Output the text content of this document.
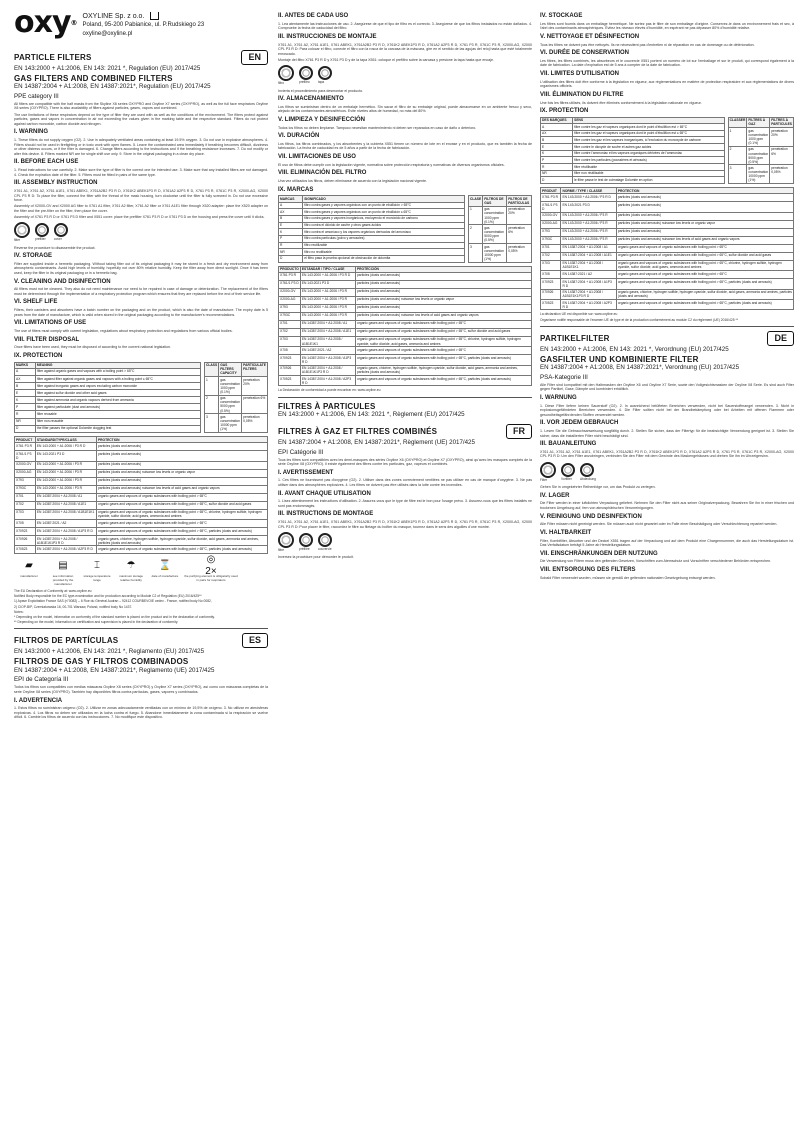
oxy®
OXYLINE Sp. z o.o.
Poland, 95-200 Pabianice, ul. P.Rudskiego 23
oxyline@oxyline.pl
PARTICLE FILTERS	EN
EN 143:2000 + A1:2006, EN 143: 2021 *, Regulation (EU) 2017/425
GAS FILTERS AND COMBINED FILTERS
EN 14387:2004 + A1:2008, EN 14387:2021*, Regulation (EU) 2017/425
PPE category III
All filters are compatible with the half masks from the Skyline X6 series OXYPRO and Oxyline X7 series (OXYPRO), as well as the full face respirators Oxyline X8 series (OXYPRO). There is also availability of filters against particles, gases, vapors and combined.
The use limitations of these respirators depend on the type of filter they are used with as well as the conditions of the environment. The filters protect against particles, gases and vapors in concentration in air not exceeding the values given in the marking table and the respective standard. Filters do not protect against carbon monoxide, carbon dioxide and nitrogen.
I. WARNING
1. These filters do not supply oxygen (O2). 2. Use in adequately ventilated areas containing at least 19.5% oxygen. 3. Do not use in explosive atmospheres. 4. Filters should not be used in firefighting or in toxic work with open flames. 5. Leave the contaminated area immediately if breathing becomes difficult, dizziness or other distress occurs, or if the filter is damaged. 6. Change filters according to the instructions and if the breathing resistance increases. 7. Do not modify or alter this device. 8. Filters marked NR are for single shift use only. 9. Store in the original packaging in a clean dry place.
II. BEFORE EACH USE
1. Read instructions for use carefully. 2. Make sure the type of filter is the correct one for intended use. 3. Make sure that any installed filters are not damaged. 4. Check the expiration date of the filter. 5. Filters must be fitted in pairs of the same type.
III. ASSEMBLY INSTRUCTION
X761 A1, X761 A2, X761 A1E1, X761 ABEK1, X761A2B2 P3 R D, X761K2 ABEK1P3 R D, X761A2 A2P3 R D, X761 P3 R, X761C P3 R, X2000-AG, X2000 CPL P3 R D: To place the filter, connect the filter with the thread of the mask housing, turn clockwise until the filter is fully screwed in. Do not use excessive force.
Assembly of X2000-GV and X2000 AG filter to X761 A1 filter, X761 A2 filter, X761 A2 filter or X761 A1E1 filter through X520 adapter: place the X520 adapter on the filter and the pre-filter on the filter, then place the cover.
Assembly of X761 P3 R D or X761 P3 D filter and X551 cover: place the prefilter X761 P3 R D or X761 P3 D on the housing and press the cover until it clicks.
filter	prefilter	cover
Reverse the procedure to disassemble the product.
IV. STORAGE
Filter are supplied inside a hermetic packaging. Without taking filter out of its original packaging it may be stored in a fresh and dry environment away from atmospheric contaminants. Avoid high levels of humidity, hopefully not over 80% relative humidity. Keep the filter away from direct sunlight. Once it has been used, keep the filter in its original packaging or in a hermetic bag.
V. CLEANING AND DISINFECTION
All filters must not be cleaned. They also do not need maintenance nor need to be repaired in case of damage or deterioration. The replacement of the filters must be determined through the implementation of a respiratory protection program which ensures that they are replaced before the end of their service life.
VI. SHELF LIFE
Filters, their canisters and absorbers have a batch number on the packaging and on the product, which is also the date of manufacture. The expiry date is 5 years from the date of manufacture, which is valid when stored in the original packaging according to the manufacturer's recommendations.
VII. LIMITATIONS OF USE
The use of filters must comply with current legislation, regulations about respiratory protection and regulations from various official bodies.
VIII. FILTER DISPOSAL
Once filters have been used, they must be disposed of according to the current national legislation.
IX. PROTECTION
MARKS	MEANING
A	filter against organic gases and vapours with a boiling point > 65°C
AX	filter against filter against organic gases and vapours with a boiling point ≤ 65°C
B	filter against inorganic gases and vapors excluding carbon monoxide
E	filter against sulfur dioxide and other acid gases
K	filter against ammonia and organic vapours derived from ammonia
P	filter against particulate (dust and aerosols)
R	filter reusable
NR	filter non-reusable
D	the filter passes the optional Dolomite clogging test
CLASS	GAS FILTERS CAPACITY	PARTICULATE FILTERS
1	gas concentration 1000 ppm (0.1%)	penetration 20%
2	gas concentration 5000 ppm (0.5%)	penetration 6%
3	gas concentration 10000 ppm (1%)	penetration 0,05%
PRODUCT	STANDARD/TYPE/CLASS	PROTECTION
X761 P3 R	EN 143:2000 + A1:2006 / P3 R D	particles (dusts and aerosols)
X761/1 P3 D	EN 143:2021 P3 D	particles (dusts and aerosols)
X2000-GV	EN 143:2000 + A1:2006 / P3 R	particles (dusts and aerosols)
X2000-AG	EN 143:2000 + A1:2006 / P3 R	particles (dusts and aerosols) nuisance low levels or organic vapor
X793	EN 143:2000 + A1:2006 / P3 R	particles (dusts and aerosols)
X793C	EN 143:2000 + A1:2006 / P3 R	particles (dusts and aerosols) nuisance low levels of acid gases and organic vapors
X701	EN 14387:2004 + A1:2008 / A1	organic gases and vapours of organic substances with boiling point > 65°C
X702	EN 14387:2004 + A1:2008 / A1E1	organic gases and vapours of organic substances with boiling point > 65°C, sulfur dioxide and acid gases
X703	EN 14387:2004 + A1:2008 / A1B1E1K1	organic gases and vapours of organic substances with boiling point > 65°C, chlorine, hydrogen sulfide, hydrogen cyanide, sulfur dioxide, acid gases, ammonia and amines
X705	EN 14387:2021 / A2	organic gases and vapours of organic substances with boiling point > 65°C
X70923	EN 14387:2004 + A1:2008 / A1P3 R D	organic gases and vapours of organic substances with boiling point > 65°C, particles (dusts and aerosols)
X70926	EN 14387:2004 + A1:2008 / A1B1E1K1P3 R D	organic gases, chlorine, hydrogen sulfide, hydrogen cyanide, sulfur dioxide, acid gases, ammonia and amines, particles (dusts and aerosols)
X70523	EN 14387:2004 + A1:2008 / A2P3 R D	organic gases and vapours of organic substances with boiling point > 65°C, particles (dusts and aerosols)
▰
manufacturer
▤
see information provided by the manufacturer
⌶
storage temperature range
☂
maximum storage relative humidity
⌛
date of manufacture
◎ 2×
the purifying element is obligatorily used in pairs for respirators
The EU Declaration of Conformity at: www.oxyline.eu
Notified Body responsible for the EC type-examination and for production according to Module C2 of Regulation (EU) 2016/425**
1) Apave Exploitation France SAS (n°0082) – 6 Rue du Général Audran – 92412 COURBEVOIE cedex - France, notified body No 0082,
2) CIOP-BIP, Czerniakowska 16, 00-701 Warsaw, Poland, notified body No 1437.
Notes:
* Depending on the model, information on conformity of the standard number is placed on the product and in the declaration of conformity.
** Depending on the model, information on certification and supervision is placed in the declaration of conformity.
FILTROS DE PARTÍCULAS	ES
EN 143:2000 + A1:2006, EN 143: 2021 *, Reglamento (EU) 2017/425
FILTROS DE GAS Y FILTROS COMBINADOS
EN 14387:2004 + A1:2008, EN 14387:2021*, Reglamento (UE) 2017/425
EPI de Categoría III
Todos los filtros son compatibles con medias máscaras Oxyline X6 series (OXYPRO) y Oxyline X7 series (OXYPRO), así como con máscaras completas de la serie Oxyline X8 series (OXYPRO). También hay disponibles filtros contra partículas, gases, vapores y combinados.
I. ADVERTENCIA
1. Estos filtros no suministran oxígeno (O2). 2. Utilizar en zonas adecuadamente ventiladas con un mínimo de 19,5% de oxígeno. 3. No utilizar en atmósferas explosivas. 4. Los filtros no deben ser utilizados en la lucha contra el fuego. 5. Abandone inmediatamente la zona contaminada si la respiración se vuelve difícil. 6. Cambie los filtros de acuerdo con las instrucciones. 7. No modifique este dispositivo.
II. ANTES DE CADA USO
1. Lea atentamente las instrucciones de uso. 2. Asegúrese de que el tipo de filtro es el correcto. 3. Asegúrese de que los filtros instalados no están dañados. 4. Compruebe la fecha de caducidad del filtro.
III. INSTRUCCIONES DE MONTAJE
X761 A1, X761 A2, X761 A1E1, X761 ABEK1, X761A2B2 P3 R D, X761K2 ABEK1P3 R D, X761A2 A2P3 R D, X761 P3 R, X761C P3 R, X2000-AG, X2000 CPL P3 R D: Para colocar el filtro, conecte el filtro con la rosca de la carcasa de la máscara, gire en el sentido de las agujas del reloj hasta que esté totalmente enroscado.
Montaje del filtro X761 P3 R D y X761 P3 D y de la tapa X551: coloque el prefiltro sobre la carcasa y presione la tapa hasta que encaje.
filtro	prefiltro	tapa
Invierta el procedimiento para desmontar el producto.
IV. ALMACENAMIENTO
Los filtros se suministran dentro de un embalaje hermético. Sin sacar el filtro de su embalaje original, puede almacenarse en un ambiente fresco y seco, alejado de los contaminantes atmosféricos. Evite niveles altos de humedad, no más del 80%.
V. LIMPIEZA Y DESINFECCIÓN
Todos los filtros no deben limpiarse. Tampoco necesitan mantenimiento ni deben ser reparados en caso de daño o deterioro.
VI. DURACIÓN
Los filtros, los filtros combinados, y los absorbentes y la cubierta X551 tienen un número de lote en el envase y en el producto, que es también la fecha de fabricación. La fecha de caducidad es de 5 años a partir de la fecha de fabricación.
VII. LIMITACIONES DE USO
El uso de filtros debe cumplir con la legislación vigente, normativa sobre protección respiratoria y normativas de diversos organismos oficiales.
VIII. ELIMINACIÓN DEL FILTRO
Una vez utilizados los filtros, deben eliminarse de acuerdo con la legislación nacional vigente.
IX. MARCAS
MARCAS	SIGNIFICADO
A	filtro contra gases y vapores orgánicos con un punto de ebullición > 65°C
AX	filtro contra gases y vapores orgánicos con un punto de ebullición ≤ 65°C
B	filtro contra gases y vapores inorgánicos, excluyendo el monóxido de carbono
E	filtro contra el dióxido de azufre y otros gases ácidos
K	filtro contra el amoníaco y los vapores orgánicos derivados del amoníaco
P	filtro contra partículas (polvo y aerosoles)
R	filtro reutilizable
NR	filtro no reutilizable
D	el filtro pasa la prueba opcional de obstrucción de dolomita
CLASE	FILTROS DE GAS	FILTROS DE PARTÍCULAS
1	gas concentration 1000 ppm (0.1%)	penetration 20%
2	gas concentration 5000 ppm (0.5%)	penetration 6%
3	gas concentration 10000 ppm (1%)	penetration 0,05%
PRODUCTO	ESTÁNDAR / TIPO / CLASE	PROTECCIÓN
X761 P3 R	EN 143:2000 + A1:2006 / P3 R D	particles (dusts and aerosols)
X761/1 P3 D	EN 143:2021 P3 D	particles (dusts and aerosols)
X2000-GV	EN 143:2000 + A1:2006 / P3 R	particles (dusts and aerosols)
X2000-AG	EN 143:2000 + A1:2006 / P3 R	particles (dusts and aerosols) nuisance low levels or organic vapor
X793	EN 143:2000 + A1:2006 / P3 R	particles (dusts and aerosols)
X793C	EN 143:2000 + A1:2006 / P3 R	particles (dusts and aerosols) nuisance low levels of acid gases and organic vapors
X701	EN 14387:2004 + A1:2008 / A1	organic gases and vapours of organic substances with boiling point > 65°C
X702	EN 14387:2004 + A1:2008 / A1E1	organic gases and vapours of organic substances with boiling point > 65°C, sulfur dioxide and acid gases
X703	EN 14387:2004 + A1:2008 / A1B1E1K1	organic gases and vapours of organic substances with boiling point > 65°C, chlorine, hydrogen sulfide, hydrogen cyanide, sulfur dioxide, acid gases, ammonia and amines
X705	EN 14387:2021 / A2	organic gases and vapours of organic substances with boiling point > 65°C
X70923	EN 14387:2004 + A1:2008 / A1P3 R D	organic gases and vapours of organic substances with boiling point > 65°C, particles (dusts and aerosols)
X70926	EN 14387:2004 + A1:2008 / A1B1E1K1P3 R D	organic gases, chlorine, hydrogen sulfide, hydrogen cyanide, sulfur dioxide, acid gases, ammonia and amines, particles (dusts and aerosols)
X70523	EN 14387:2004 + A1:2008 / A2P3 R D	organic gases and vapours of organic substances with boiling point > 65°C, particles (dusts and aerosols)
La Declaración de conformidad a puede encontrar en: www.oxyline.eu
FILTRES À PARTICULES
EN 143:2000 + A1:2006, EN 143: 2021 *, Règlement (EU) 2017/425
FILTRES À GAZ ET FILTRES COMBINÉS	FR
EN 14387:2004 + A1:2008, EN 14387:2021*, Règlement (UE) 2017/425
EPI Catégorie III
Tous les filtres sont compatibles avec les demi-masques des séries Oxyline X6 (OXYPRO) et Oxyline X7 (OXYPRO), ainsi qu'avec les masques complets de la série Oxyline X8 (OXYPRO). Il existe également des filtres contre les particules, gaz, vapeurs et combinés.
I. AVERTISSEMENT
1. Ces filtres ne fournissent pas d'oxygène (O2). 2. Utiliser dans des zones correctement ventilées ne pas utiliser en cas de manque d'oxygène. 3. Ne pas utiliser dans des atmosphères explosives. 4. Les filtres ne doivent pas être utilisés dans la lutte contre les incendies.
II. AVANT CHAQUE UTILISATION
1. Lisez attentivement les instructions d'utilisation. 2. Assurez-vous que le type de filtre est le bon pour l'usage prévu. 3. Assurez-vous que les filtres installés ne sont pas endommagés.
III. INSTRUCTIONS DE MONTAGE
X761 A1, X761 A2, X761 A1E1, X761 ABEK1, X761A2B2 P3 R D, X761K2 ABEK1P3 R D, X761A2 A2P3 R D, X761 P3 R, X761C P3 R, X2000-AG, X2000 CPL P3 R D: Pour placer le filtre, raccordez le filtre au filetage du boîtier du masque, tournez dans le sens des aiguilles d'une montre.
filtre	préfiltre	couvercle
Inversez la procédure pour démonter le produit.
IV. STOCKAGE
Les filtres sont fournis dans un emballage hermétique. Ne sortez pas le filtre de son emballage d'origine. Conservez-le dans un environnement frais et sec, à l'abri des contaminants atmosphériques. Évitez les niveaux élevés d'humidité, en espérant ne pas dépasser 80% d'humidité relative.
V. NETTOYAGE ET DÉSINFECTION
Tous les filtres ne doivent pas être nettoyés. Ils ne nécessitent pas d'entretien ni de réparation en cas de dommage ou de détérioration.
VI. DURÉE DE CONSERVATION
Les filtres, les filtres combinés, les absorbeurs et le couvercle X551 portent un numéro de lot sur l'emballage et sur le produit, qui correspond également à la date de fabrication. La date d'expiration est de 5 ans à compter de la date de fabrication.
VII. LIMITES D'UTILISATION
L'utilisation des filtres doit être conforme à la législation en vigueur, aux réglementations en matière de protection respiratoire et aux réglementations de divers organismes officiels.
VIII. ÉLIMINATION DU FILTRE
Une fois les filtres utilisés, ils doivent être éliminés conformément à la législation nationale en vigueur.
IX. PROTECTION
DES MARQUES	SENS
A	filtre contre les gaz et vapeurs organiques dont le point d'ébullition est > 65°C
AX	filtre contre les gaz et vapeurs organiques dont le point d'ébullition est ≤ 65°C
B	filtre contre les gaz et les vapeurs inorganiques, à l'exclusion du monoxyde de carbone
E	filtre contre le dioxyde de soufre et autres gaz acides
K	filtre contre l'ammoniac et les vapeurs organiques dérivées de l'ammoniac
P	filtre contre les particules (poussières et aérosols)
R	filtre réutilisable
NR	filtre non réutilisable
D	le filtre passe le test de colmatage Dolomite en option
CLASSER	FILTRES À GAZ	FILTRES À PARTICULES
1	gas concentration 1000 ppm (0.1%)	penetration 20%
2	gas concentration 5000 ppm (0.5%)	penetration 6%
3	gas concentration 10000 ppm (1%)	penetration 0,05%
PRODUIT	NORME / TYPE / CLASSE	PROTECTION
X761 P3 R	EN 143:2000 + A1:2006 / P3 R D	particles (dusts and aerosols)
X761/1 P3 D	EN 143:2021 P3 D	particles (dusts and aerosols)
X2000-GV	EN 143:2000 + A1:2006 / P3 R	particles (dusts and aerosols)
X2000-AG	EN 143:2000 + A1:2006 / P3 R	particles (dusts and aerosols) nuisance low levels or organic vapor
X793	EN 143:2000 + A1:2006 / P3 R	particles (dusts and aerosols)
X793C	EN 143:2000 + A1:2006 / P3 R	particles (dusts and aerosols) nuisance low levels of acid gases and organic vapors
X701	EN 14387:2004 + A1:2008 / A1	organic gases and vapours of organic substances with boiling point > 65°C
X702	EN 14387:2004 + A1:2008 / A1E1	organic gases and vapours of organic substances with boiling point > 65°C, sulfur dioxide and acid gases
X703	EN 14387:2004 + A1:2008 / A1B1E1K1	organic gases and vapours of organic substances with boiling point > 65°C, chlorine, hydrogen sulfide, hydrogen cyanide, sulfur dioxide, acid gases, ammonia and amines
X705	EN 14387:2021 / A2	organic gases and vapours of organic substances with boiling point > 65°C
X70923	EN 14387:2004 + A1:2008 / A1P3 R D	organic gases and vapours of organic substances with boiling point > 65°C, particles (dusts and aerosols)
X70926	EN 14387:2004 + A1:2008 / A1B1E1K1P3 R D	organic gases, chlorine, hydrogen sulfide, hydrogen cyanide, sulfur dioxide, acid gases, ammonia and amines, particles (dusts and aerosols)
X70523	EN 14387:2004 + A1:2008 / A2P3 R D	organic gases and vapours of organic substances with boiling point > 65°C, particles (dusts and aerosols)
La déclaration UE est disponible sur: www.oxyline.eu
Organisme notifié responsable de l'examen UE de type et de la production conformément au module C2 du règlement (UE) 2016/425 **
PARTIKELFILTER	DE
EN 143:2000 + A1:2006, EN 143: 2021 *, Verordnung (EU) 2017/425
GASFILTER UND KOMBINIERTE FILTER
EN 14387:2004 + A1:2008, EN 14387:2021*, Verordnung (EU) 2017/425
PSA-Kategorie III
Alle Filter sind kompatibel mit den Halbmasken der Oxyline X6 und Oxyline X7 Serie, sowie den Vollgesichtsmasken der Oxyline X8 Serie. Es sind auch Filter gegen Partikel, Gase, Dämpfe und kombiniert erhältlich.
I. WARNUNG
1. Diese Filter liefern keinen Sauerstoff (O2). 2. In ausreichend belüfteten Bereichen verwenden, nicht bei Sauerstoffmangel verwenden. 3. Nicht in explosionsgefährdeten Bereichen verwenden. 4. Die Filter sollten nicht bei der Brandbekämpfung oder bei Arbeiten mit offenen Flammen oder gesundheitsgefährdenden Stoffen verwendet werden.
II. VOR JEDEM GEBRAUCH
1. Lesen Sie die Gebrauchsanweisung sorgfältig durch. 2. Stellen Sie sicher, dass der Filtertyp für die beabsichtigte Verwendung geeignet ist. 3. Stellen Sie sicher, dass die installierten Filter nicht beschädigt sind.
III. BAUANLEITUNG
X761 A1, X761 A2, X761 A1E1, X761 ABEK1, X761A2B2 P3 R D, X761K2 ABEK1P3 R D, X761A2 A2P3 R D, X761 P3 R, X761C P3 R, X2000-AG, X2000 CPL P3 R D: Um den Filter anzubringen, verbinden Sie den Filter mit dem Gewinde des Maskengehäuses und drehen Sie ihn im Uhrzeigersinn.
Filter	Vorfilter	Abdeckung
Gehen Sie in umgekehrter Reihenfolge vor, um das Produkt zu zerlegen.
IV. LAGER
Die Filter werden in einer luftdichten Verpackung geliefert. Nehmen Sie den Filter nicht aus seiner Originalverpackung. Bewahren Sie ihn in einer frischen und trockenen Umgebung auf, fern von atmosphärischen Verunreinigungen.
V. REINIGUNG UND DESINFEKTION
Alle Filter müssen nicht gereinigt werden. Sie müssen auch nicht gewartet oder im Falle einer Beschädigung oder Verschlechterung repariert werden.
VI. HALTBARKEIT
Filter, Kombifilter, Absorber und der Deckel X551 tragen auf der Verpackung und auf dem Produkt eine Chargennummer, die auch das Herstellungsdatum ist. Das Verfallsdatum beträgt 5 Jahre ab Herstellungsdatum.
VII. EINSCHRÄNKUNGEN DER NUTZUNG
Die Verwendung von Filtern muss den geltenden Gesetzen, Vorschriften zum Atemschutz und Vorschriften verschiedener Behörden entsprechen.
VIII. ENTSORGUNG DES FILTERS
Sobald Filter verwendet wurden, müssen sie gemäß der geltenden nationalen Gesetzgebung entsorgt werden.
